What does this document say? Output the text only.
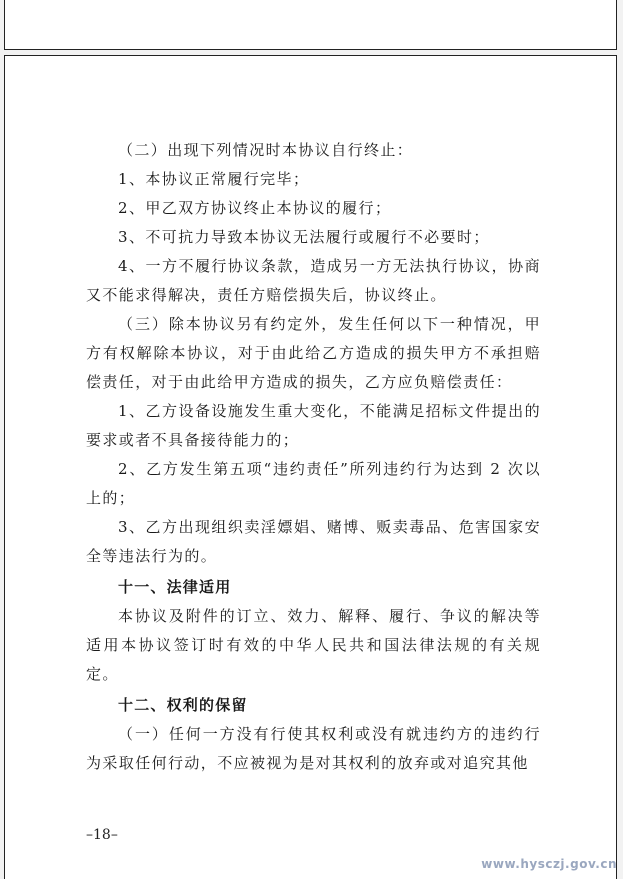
（二）出现下列情况时本协议自行终止：

1、本协议正常履行完毕；

2、甲乙双方协议终止本协议的履行；

3、不可抗力导致本协议无法履行或履行不必要时；

4、一方不履行协议条款，造成另一方无法执行协议，协商又不能求得解决，责任方赔偿损失后，协议终止。

（三）除本协议另有约定外，发生任何以下一种情况，甲方有权解除本协议，对于由此给乙方造成的损失甲方不承担赔偿责任，对于由此给甲方造成的损失，乙方应负赔偿责任：

1、乙方设备设施发生重大变化，不能满足招标文件提出的要求或者不具备接待能力的；

2、乙方发生第五项“违约责任”所列违约行为达到 2 次以上的；

3、乙方出现组织卖淫嫖娼、赌博、贩卖毒品、危害国家安全等违法行为的。

十一、法律适用

本协议及附件的订立、效力、解释、履行、争议的解决等适用本协议签订时有效的中华人民共和国法律法规的有关规定。

十二、权利的保留

（一）任何一方没有行使其权利或没有就违约方的违约行为采取任何行动，不应被视为是对其权利的放弃或对追究其他

–18–
www.hysczj.gov.cn
